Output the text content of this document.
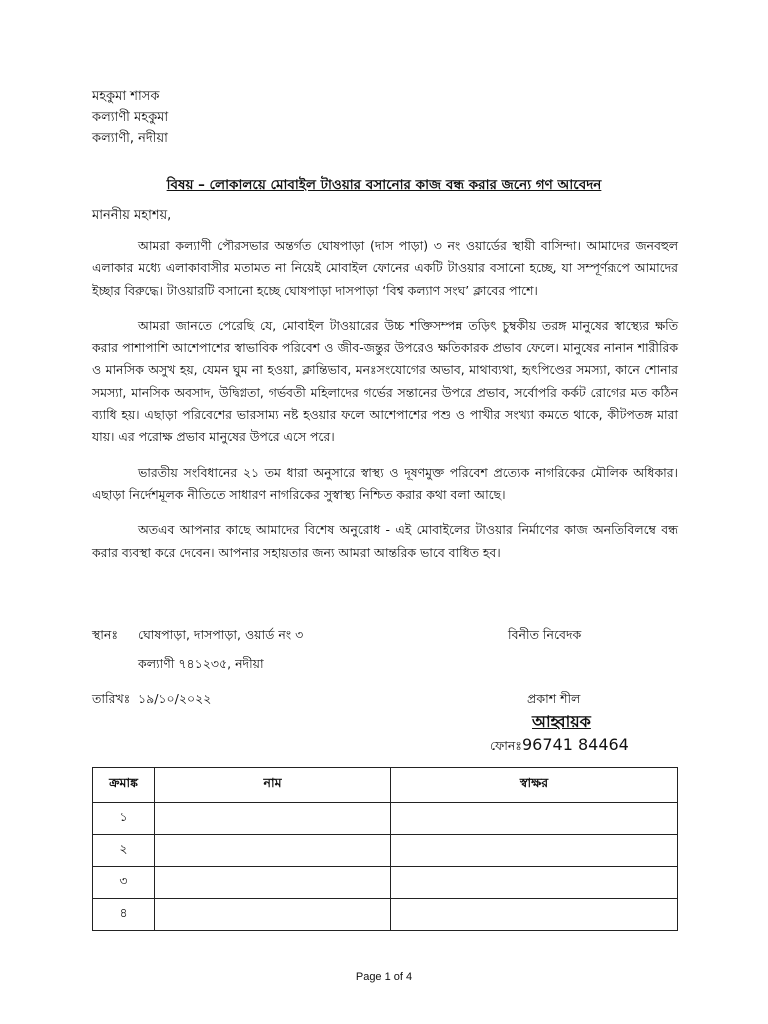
মহকুমা শাসক
কল্যাণী মহকুমা
কল্যাণী, নদীয়া
বিষয় – লোকালয়ে মোবাইল টাওয়ার বসানোর কাজ বন্ধ করার জন্যে গণ আবেদন
মাননীয় মহাশয়,

আমরা কল্যাণী পৌরসভার অন্তর্গত ঘোষপাড়া (দাস পাড়া) ৩ নং ওয়ার্ডের স্থায়ী বাসিন্দা। আমাদের জনবহুল এলাকার মধ্যে এলাকাবাসীর মতামত না নিয়েই মোবাইল ফোনের একটি টাওয়ার বসানো হচ্ছে, যা সম্পূর্ণরূপে আমাদের ইচ্ছার বিরুদ্ধে। টাওয়ারটি বসানো হচ্ছে ঘোষপাড়া দাসপাড়া ‘বিশ্ব কল্যাণ সংঘ’ ক্লাবের পাশে।

আমরা জানতে পেরেছি যে, মোবাইল টাওয়ারের উচ্চ শক্তিসম্পন্ন তড়িৎ চুম্বকীয় তরঙ্গ মানুষের স্বাস্থ্যের ক্ষতি করার পাশাপাশি আশেপাশের স্বাভাবিক পরিবেশ ও জীব-জন্তুর উপরেও ক্ষতিকারক প্রভাব ফেলে। মানুষের নানান শারীরিক ও মানসিক অসুখ হয়, যেমন ঘুম না হওয়া, ক্লান্তিভাব, মনঃসংযোগের অভাব, মাথাব্যথা, হৃৎপিণ্ডের সমস্যা, কানে শোনার সমস্যা, মানসিক অবসাদ, উদ্বিগ্নতা, গর্ভবতী মহিলাদের গর্ভের সন্তানের উপরে প্রভাব, সর্বোপরি কর্কট রোগের মত কঠিন ব্যাধি হয়। এছাড়া পরিবেশের ভারসাম্য নষ্ট হওয়ার ফলে আশেপাশের পশু ও পাখীর সংখ্যা কমতে থাকে, কীটপতঙ্গ মারা যায়। এর পরোক্ষ প্রভাব মানুষের উপরে এসে পরে।

ভারতীয় সংবিধানের ২১ তম ধারা অনুসারে স্বাস্থ্য ও দূষণমুক্ত পরিবেশ প্রত্যেক নাগরিকের মৌলিক অধিকার। এছাড়া নির্দেশমূলক নীতিতে সাধারণ নাগরিকের সুস্বাস্থ্য নিশ্চিত করার কথা বলা আছে।

অতএব আপনার কাছে আমাদের বিশেষ অনুরোধ - এই মোবাইলের টাওয়ার নির্মাণের কাজ অনতিবিলম্বে বন্ধ করার ব্যবস্থা করে দেবেন। আপনার সহায়তার জন্য আমরা আন্তরিক ভাবে বাধিত হব।

স্থানঃ ঘোষপাড়া, দাসপাড়া, ওয়ার্ড নং ৩
কল্যাণী ৭৪১২৩৫, নদীয়া
তারিখঃ ১৯/১০/২০২২
বিনীত নিবেদক
প্রকাশ শীল
আহ্বায়ক
ফোনঃ96741 84464
ক্রমাঙ্ক	নাম	স্বাক্ষর
১		
২		
৩		
৪		
Page 1 of 4
